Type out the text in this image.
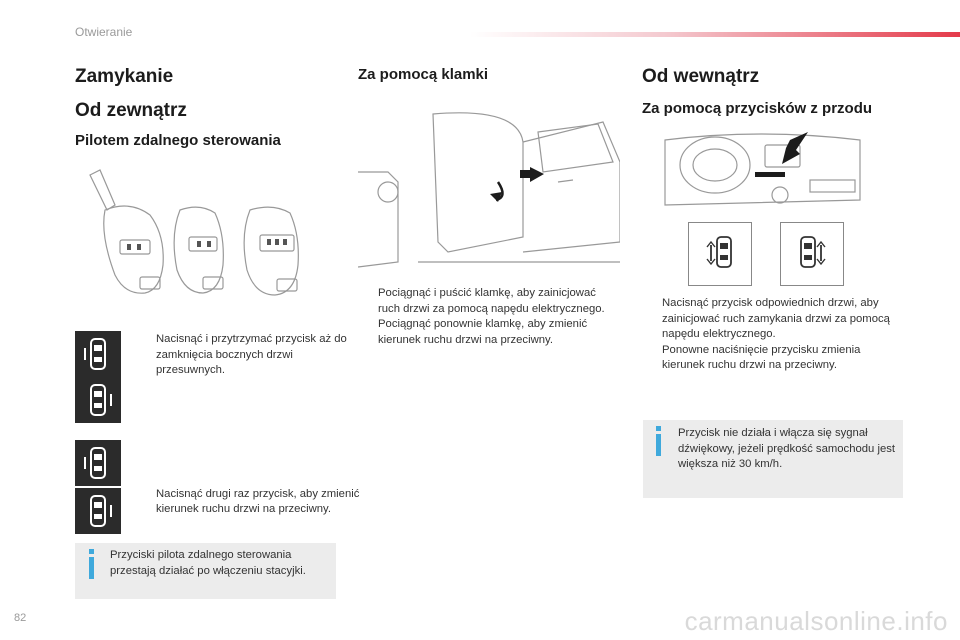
Otwieranie
Zamykanie
Od zewnątrz
Pilotem zdalnego sterowania
Nacisnąć i przytrzymać przycisk aż do zamknięcia bocznych drzwi przesuwnych.
Nacisnąć drugi raz przycisk, aby zmienić kierunek ruchu drzwi na przeciwny.
Przyciski pilota zdalnego sterowania przestają działać po włączeniu stacyjki.
Za pomocą klamki
Pociągnąć i puścić klamkę, aby zainicjować ruch drzwi za pomocą napędu elektrycznego.
Pociągnąć ponownie klamkę, aby zmienić kierunek ruchu drzwi na przeciwny.
Od wewnątrz
Za pomocą przycisków z przodu
Nacisnąć przycisk odpowiednich drzwi, aby zainicjować ruch zamykania drzwi za pomocą napędu elektrycznego.
Ponowne naciśnięcie przycisku zmienia kierunek ruchu drzwi na przeciwny.
Przycisk nie działa i włącza się sygnał dźwiękowy, jeżeli prędkość samochodu jest większa niż 30 km/h.
82	carmanualsonline.info
